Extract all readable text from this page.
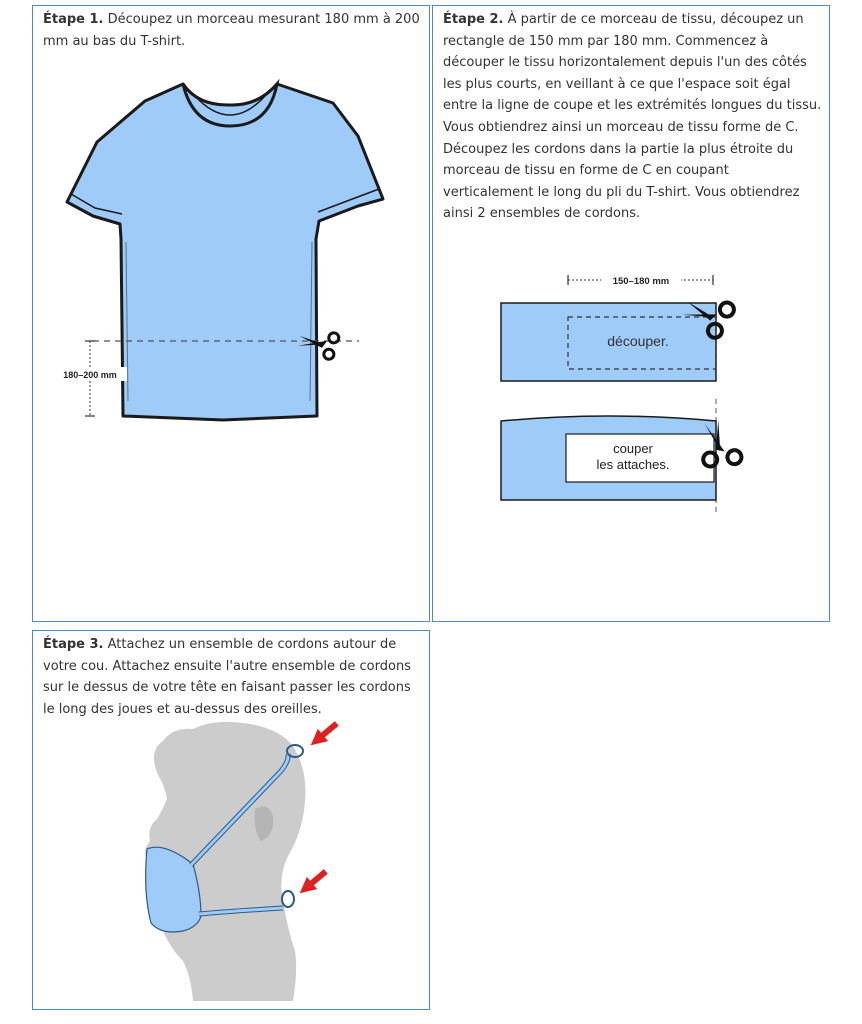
Étape 1. Découpez un morceau mesurant 180 mm à 200 mm au bas du T-shirt.
180–200 mm
Étape 2. À partir de ce morceau de tissu, découpez un rectangle de 150 mm par 180 mm. Commencez à découper le tissu horizontalement depuis l'un des côtés les plus courts, en veillant à ce que l'espace soit égal entre la ligne de coupe et les extrémités longues du tissu. Vous obtiendrez ainsi un morceau de tissu forme de C. Découpez les cordons dans la partie la plus étroite du morceau de tissu en forme de C en coupant verticalement le long du pli du T-shirt. Vous obtiendrez ainsi 2 ensembles de cordons.
150–180 mm
découper.
couper
les attaches.
Étape 3. Attachez un ensemble de cordons autour de votre cou. Attachez ensuite l'autre ensemble de cordons sur le dessus de votre tête en faisant passer les cordons le long des joues et au-dessus des oreilles.
